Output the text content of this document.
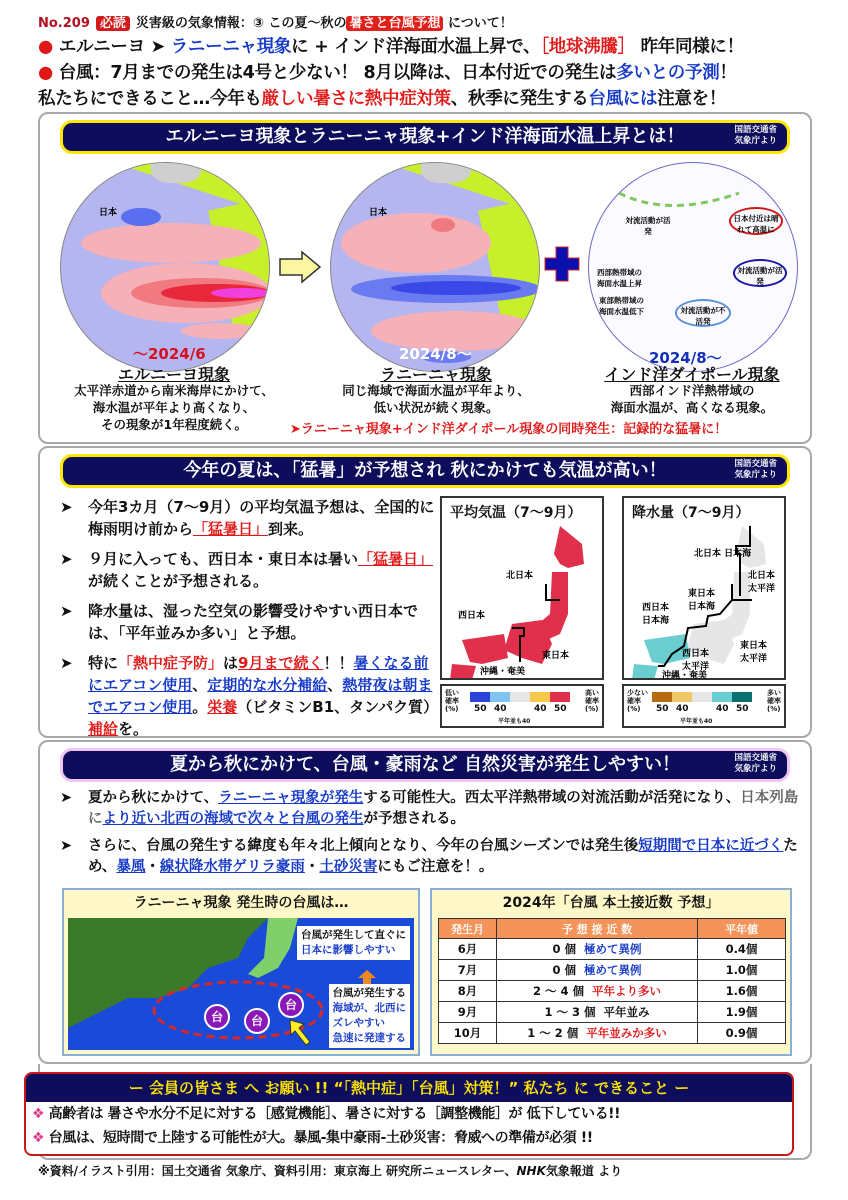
No.209 必読 災害級の気象情報：③ この夏〜秋の 暑さと台風予想 について！
● エルニーヨ ➤ ラニーニャ現象に + インド洋海面水温上昇で、［地球沸騰］ 昨年同様に！
● 台風：7月までの発生は4号と少ない！ 8月以降は、日本付近での発生は多いとの予測！
私たちにできること…今年も厳しい暑さに熱中症対策、秋季に発生する台風には注意を！
エルニーヨ現象とラニーニャ現象+インド洋海面水温上昇とは！	国語交通省
気象庁より
日本
〜2024/6
日本
2024/8〜
対流活動が活発
西部熱帯域の海面水温上昇
東部熱帯域の海面水温低下
日本付近は晴れて高温に
対流活動が活発
対流活動が不活発
2024/8〜
エルニーヨ現象
太平洋赤道から南米海岸にかけて、
海水温が平年より高くなり、
その現象が1年程度続く。
ラニーニャ現象
同じ海域で海面水温が平年より、
低い状況が続く現象。
インド洋ダイポール現象
西部インド洋熱帯域の
海面水温が、高くなる現象。
➤ラニーニャ現象+インド洋ダイポール現象の同時発生：記録的な猛暑に！
今年の夏は、「猛暑」が予想され 秋にかけても気温が高い！	国語交通省
気象庁より
➤ 今年3カ月（7〜9月）の平均気温予想は、全国的に梅雨明け前から「猛暑日」到来。
➤ ９月に入っても、西日本・東日本は暑い「猛暑日」が続くことが予想される。
➤ 降水量は、湿った空気の影響受けやすい西日本では、「平年並みか多い」と予想。
➤ 特に「熱中症予防」は9月まで続く！！暑くなる前にエアコン使用、定期的な水分補給、熱帯夜は朝までエアコン使用。栄養（ビタミンB1、タンパク質）補給を。
平均気温（7〜9月）
北日本
西日本
東日本
沖縄・奄美
低い
確率
(%) 50 40	40 50
平年並も40
高い
確率
(%)
降水量（7〜9月）
北日本 日本海
北日本 太平洋
東日本 日本海
西日本 日本海
東日本 太平洋
西日本 太平洋
沖縄・奄美
少ない
確率
(%)	50 40	40 50
平年並も40
多い
確率
(%)
夏から秋にかけて、台風・豪雨など 自然災害が発生しやすい！	国語交通省
気象庁より
➤ 夏から秋にかけて、ラニーニャ現象が発生する可能性大。西太平洋熱帯域の対流活動が活発になり、日本列島により近い北西の海域で次々と台風の発生が予想される。
➤ さらに、台風の発生する緯度も年々北上傾向となり、今年の台風シーズンでは発生後短期間で日本に近づくため、暴風・線状降水帯ゲリラ豪雨・土砂災害にもご注意を！。
ラニーニャ現象 発生時の台風は…
台	台
台
台風が発生して直ぐに
日本に影響しやすい
台風が発生する
海域が、北西に
ズレやすい
急速に発達する
2024年「台風 本土接近数 予想」
発生月	予 想 接 近 数	平年値
6月	0 個 極めて異例	0.4個
7月	0 個 極めて異例	1.0個
8月	2 〜 4 個 平年より多い	1.6個
9月	1 〜 3 個 平年並み	1.9個
10月	1 〜 2 個 平年並みか多い	0.9個
ー 会員の皆さま へ お願い !! “「熱中症」「台風」対策！” 私たち に できること ー
❖ 高齢者は 暑さや水分不足に対する［感覚機能］、暑さに対する［調整機能］が 低下している!!
❖ 台風は、短時間で上陸する可能性が大。暴風-集中豪雨-土砂災害：脅威への準備が必須 !!
※資料/イラスト引用：国土交通省 気象庁、資料引用：東京海上 研究所ニュースレター、NHK気象報道 より
